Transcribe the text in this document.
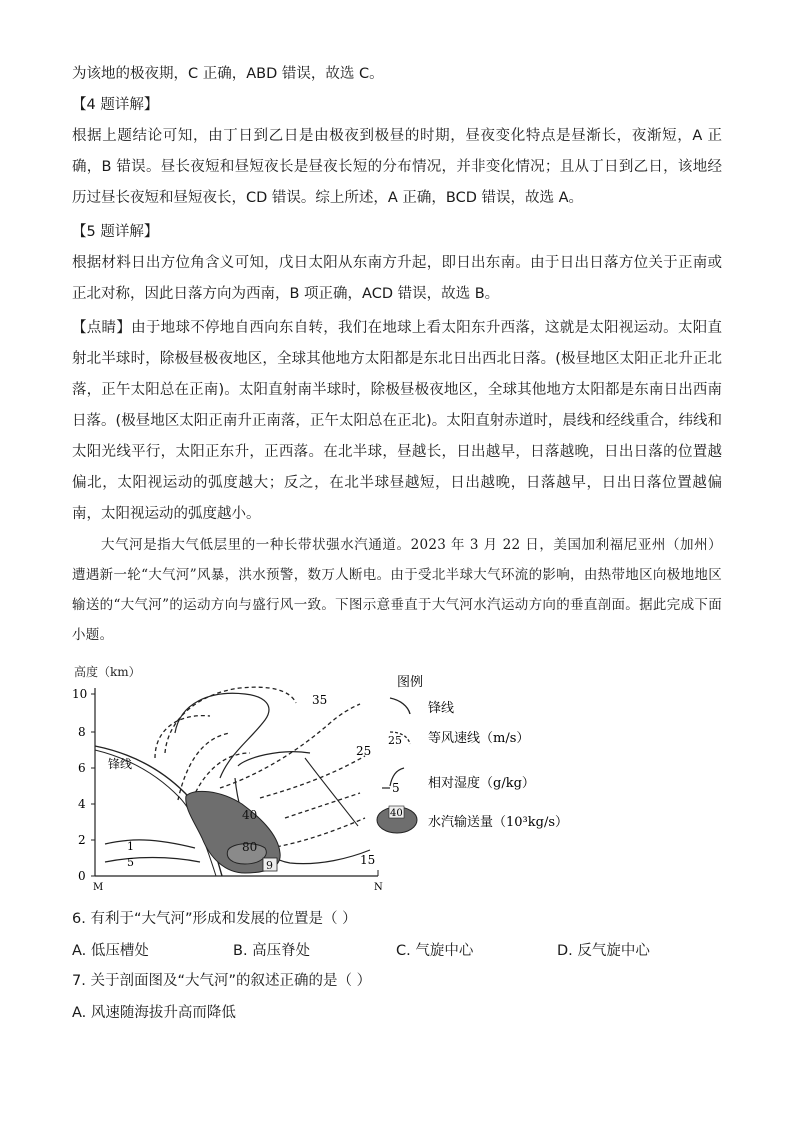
为该地的极夜期，C 正确，ABD 错误，故选 C。

【4 题详解】

根据上题结论可知，由丁日到乙日是由极夜到极昼的时期，昼夜变化特点是昼渐长，夜渐短，A 正确，B 错误。昼长夜短和昼短夜长是昼夜长短的分布情况，并非变化情况；且从丁日到乙日，该地经历过昼长夜短和昼短夜长，CD 错误。综上所述，A 正确，BCD 错误，故选 A。

【5 题详解】

根据材料日出方位角含义可知，戊日太阳从东南方升起，即日出东南。由于日出日落方位关于正南或正北对称，因此日落方向为西南，B 项正确，ACD 错误，故选 B。

【点睛】由于地球不停地自西向东自转，我们在地球上看太阳东升西落，这就是太阳视运动。太阳直射北半球时，除极昼极夜地区，全球其他地方太阳都是东北日出西北日落。(极昼地区太阳正北升正北落，正午太阳总在正南)。太阳直射南半球时，除极昼极夜地区，全球其他地方太阳都是东南日出西南日落。(极昼地区太阳正南升正南落，正午太阳总在正北)。太阳直射赤道时，晨线和经线重合，纬线和太阳光线平行，太阳正东升，正西落。在北半球，昼越长，日出越早，日落越晚，日出日落的位置越偏北，太阳视运动的弧度越大；反之，在北半球昼越短，日出越晚，日落越早，日出日落位置越偏南，太阳视运动的弧度越小。

大气河是指大气低层里的一种长带状强水汽通道。2023 年 3 月 22 日，美国加利福尼亚州（加州）遭遇新一轮“大气河”风暴，洪水预警，数万人断电。由于受北半球大气环流的影响，由热带地区向极地地区输送的“大气河”的运动方向与盛行风一致。下图示意垂直于大气河水汽运动方向的垂直剖面。据此完成下面小题。

高度（km）
0
2
4
6
8
10
M	N
锋线
35
15
25
1
5
40
80
9
图例
锋线
25 等风速线（m/s）
5 相对湿度（g/kg）
40
水汽输送量（10³kg/s）

6. 有利于“大气河”形成和发展的位置是（ ）

A. 低压槽处	B. 高压脊处	C. 气旋中心	D. 反气旋中心

7. 关于剖面图及“大气河”的叙述正确的是（ ）

A. 风速随海拔升高而降低
